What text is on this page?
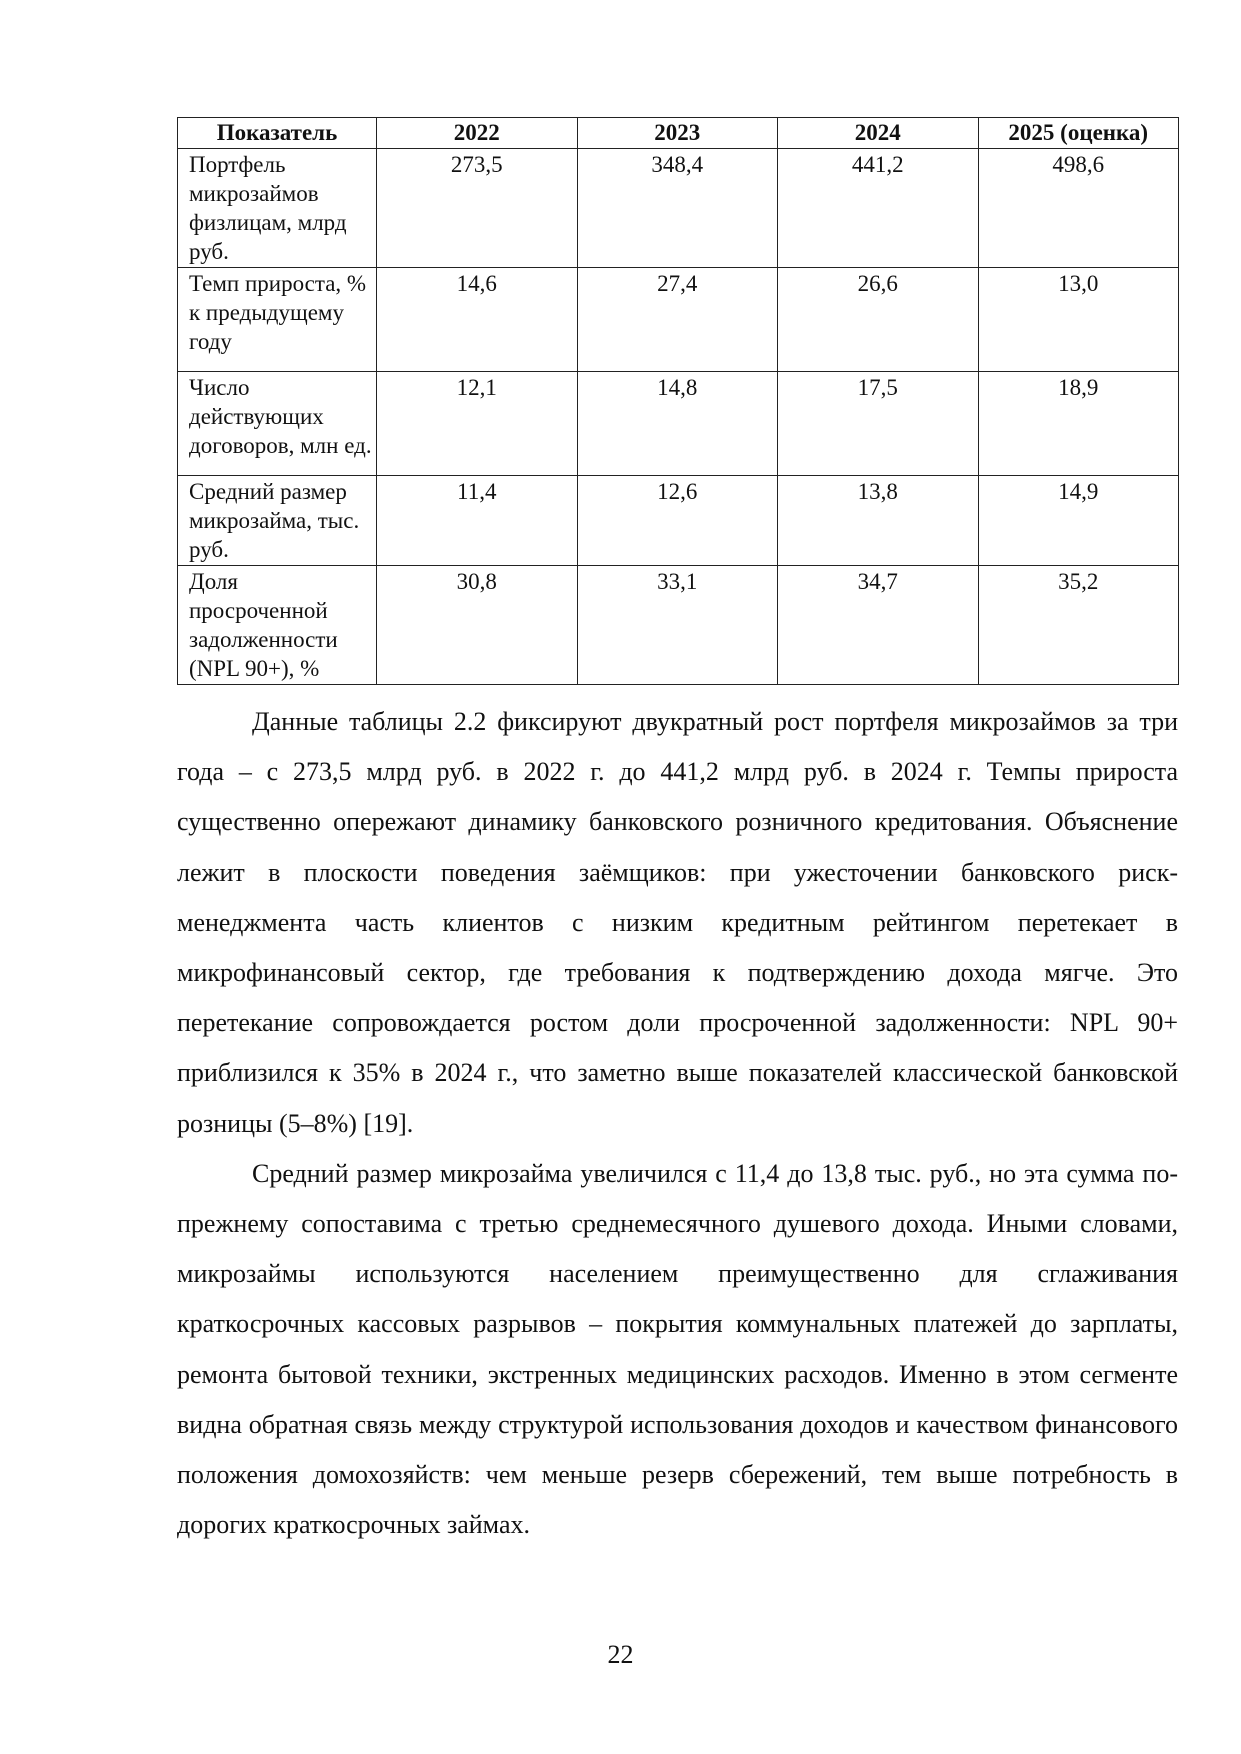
Показатель	2022	2023	2024	2025 (оценка)
Портфель микрозаймов физлицам, млрд руб.	273,5	348,4	441,2	498,6
Темп прироста, % к предыдущему году	14,6	27,4	26,6	13,0
Число действующих договоров, млн ед.	12,1	14,8	17,5	18,9
Средний размер микрозайма, тыс. руб.	11,4	12,6	13,8	14,9
Доля просроченной задолженности (NPL 90+), %	30,8	33,1	34,7	35,2

Данные таблицы 2.2 фиксируют двукратный рост портфеля микрозаймов за три года – с 273,5 млрд руб. в 2022 г. до 441,2 млрд руб. в 2024 г. Темпы прироста существенно опережают динамику банковского розничного кредитования. Объяснение лежит в плоскости поведения заёмщиков: при ужесточении банковского риск-менеджмента часть клиентов с низким кредитным рейтингом перетекает в микрофинансовый сектор, где требования к подтверждению дохода мягче. Это перетекание сопровождается ростом доли просроченной задолженности: NPL 90+ приблизился к 35% в 2024 г., что заметно выше показателей классической банковской розницы (5–8%) [19].

Средний размер микрозайма увеличился с 11,4 до 13,8 тыс. руб., но эта сумма по-прежнему сопоставима с третью среднемесячного душевого дохода. Иными словами, микрозаймы используются населением преимущественно для сглаживания краткосрочных кассовых разрывов – покрытия коммунальных платежей до зарплаты, ремонта бытовой техники, экстренных медицинских расходов. Именно в этом сегменте видна обратная связь между структурой использования доходов и качеством финансового положения домохозяйств: чем меньше резерв сбережений, тем выше потребность в дорогих краткосрочных займах.

22
